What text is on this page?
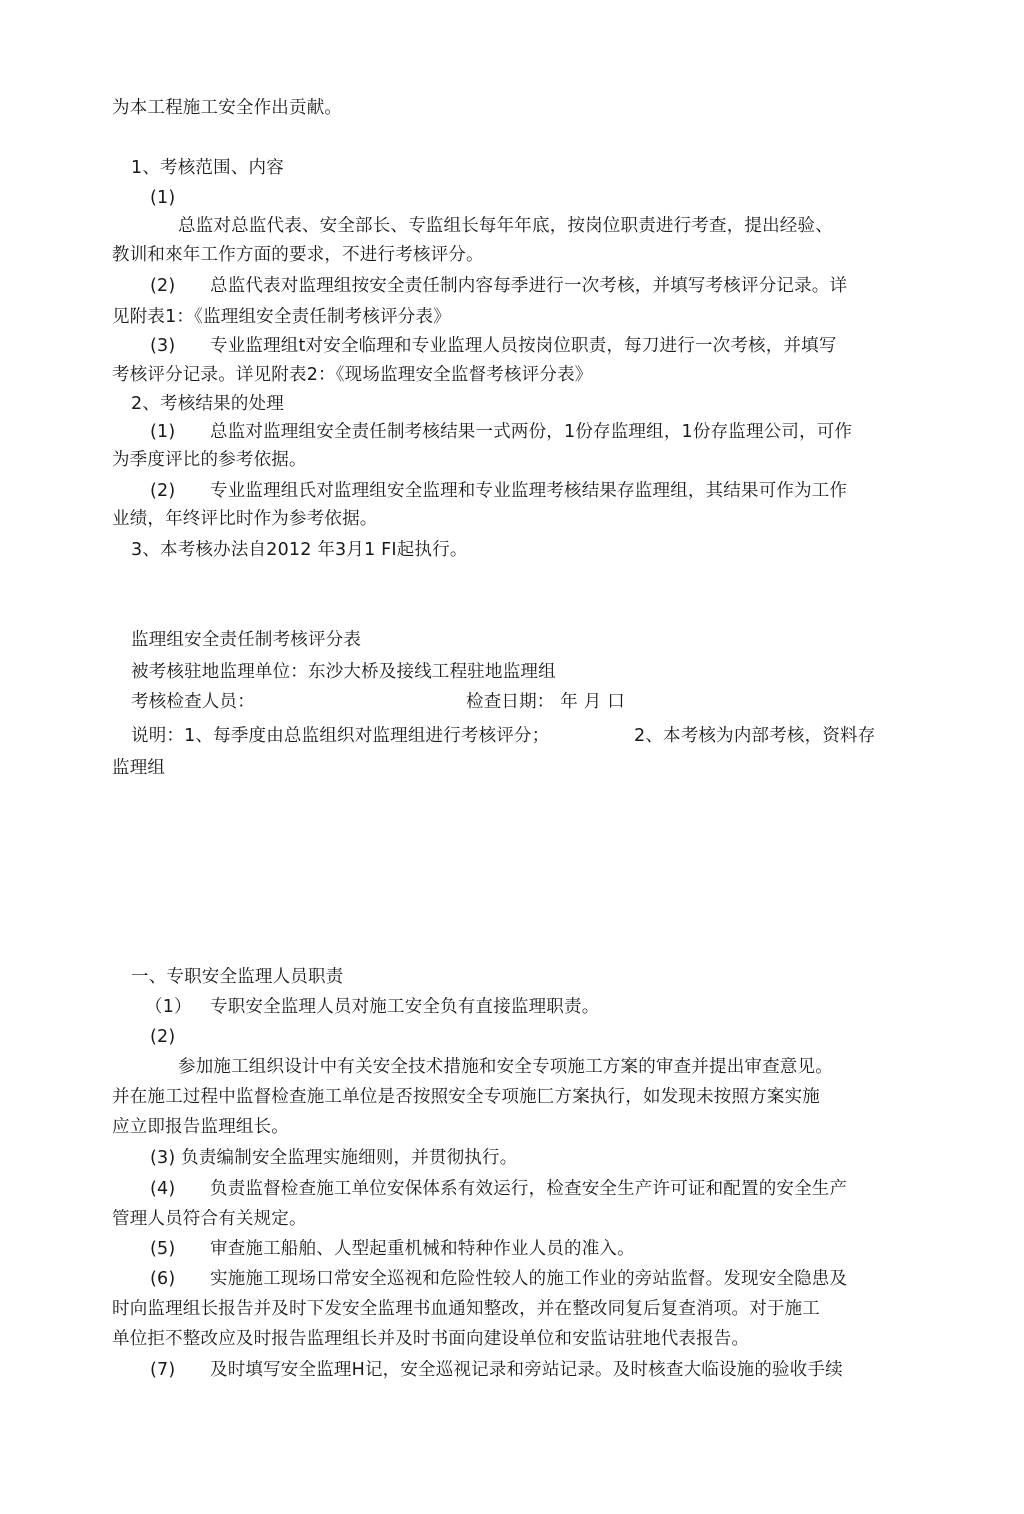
为本工程施工安全作出贡献。
1、考核范围、内容
(1)
总监对总监代表、安全部长、专监组长每年年底，按岗位职责进行考查，提出经验、
教训和來年工作方面的要求，不进行考核评分。
(2) 总监代表对监理组按安全责任制内容每季进行一次考核，并填写考核评分记录。详
见附表1：《监理组安全责任制考核评分表》
(3) 专业监理组t对安全临理和专业监理人员按岗位职责，每刀进行一次考核，并填写
考核评分记录。详见附表2：《现场监理安全监督考核评分表》
2、考核结果的处理
(1) 总监对监理组安全责任制考核结果一式两份，1份存监理组，1份存监理公司，可作
为季度评比的参考依据。
(2) 专业监理组氏对监理组安全监理和专业监理考核结果存监理组，其结果可作为工作
业绩，年终评比时作为参考依据。
3、本考核办法自2012 年3月1 FI起执行。
监理组安全责任制考核评分表
被考核驻地监理单位：东沙大桥及接线工程驻地监理组
考核检查人员：	检查日期： 年 月 口
说明：1、每季度由总监组织对监理组进行考核评分；	2、本考核为内部考核，资料存
监理组
一、专职安全监理人员职责
（1） 专职安全监理人员对施工安全负有直接监理职责。
(2)
参加施工组织设计中有关安全技术措施和安全专项施工方案的审查并提出审查意见。
并在施工过程中监督检查施工单位是否按照安全专项施匚方案执行，如发现未按照方案实施
应立即报告监理组长。
(3) 负责编制安全监理实施细则，并贯彻执行。
(4) 负责监督检查施工单位安保体系有效运行，检查安全生产许可证和配置的安全生产
管理人员符合有关规定。
(5) 审查施工船舶、人型起重机械和特种作业人员的准入。
(6) 实施施工现场口常安全巡视和危险性较人的施工作业的旁站监督。发现安全隐患及
时向监理组长报告并及时下发安全监理书血通知整改，并在整改同复后复查消项。对于施工
单位拒不整改应及时报告监理组长并及时书面向建设单位和安监诂驻地代表报告。
(7) 及时填写安全监理H记，安全巡视记录和旁站记录。及时核查大临设施的验收手续
